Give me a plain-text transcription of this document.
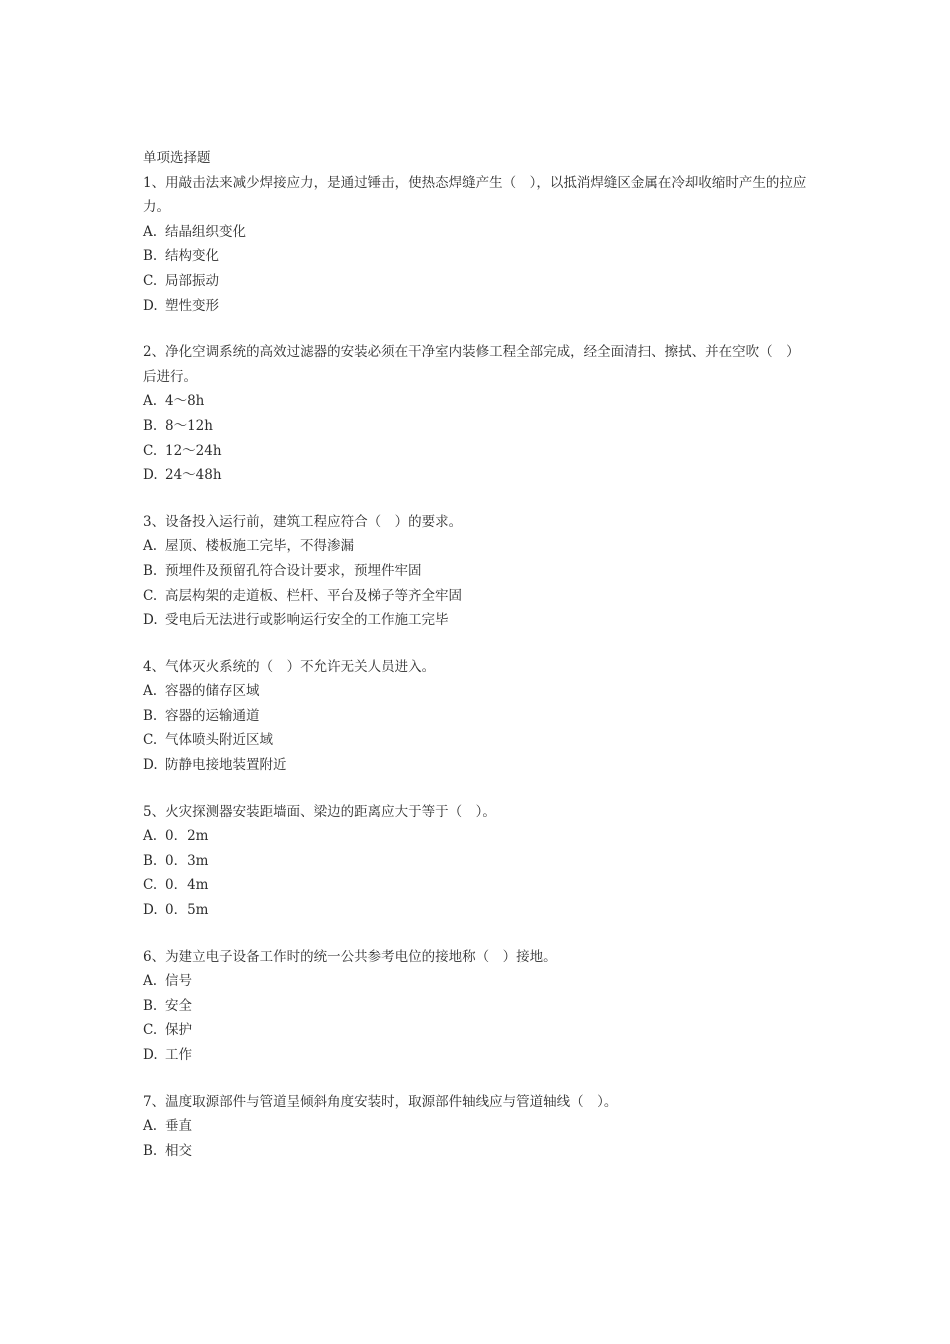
单项选择题

1、用敲击法来减少焊接应力，是通过锤击，使热态焊缝产生（　），以抵消焊缝区金属在冷却收缩时产生的拉应力。

A. 结晶组织变化
B. 结构变化
C. 局部振动
D. 塑性变形

2、净化空调系统的高效过滤器的安装必须在干净室内装修工程全部完成，经全面清扫、擦拭、并在空吹（　）后进行。

A. 4～8h
B. 8～12h
C. 12～24h
D. 24～48h

3、设备投入运行前，建筑工程应符合（　）的要求。

A. 屋顶、楼板施工完毕，不得渗漏
B. 预埋件及预留孔符合设计要求，预埋件牢固
C. 高层构架的走道板、栏杆、平台及梯子等齐全牢固
D. 受电后无法进行或影响运行安全的工作施工完毕

4、气体灭火系统的（　）不允许无关人员进入。

A. 容器的储存区域
B. 容器的运输通道
C. 气体喷头附近区域
D. 防静电接地装置附近

5、火灾探测器安装距墙面、梁边的距离应大于等于（　）。

A. 0．2m
B. 0．3m
C. 0．4m
D. 0．5m

6、为建立电子设备工作时的统一公共参考电位的接地称（　）接地。

A. 信号
B. 安全
C. 保护
D. 工作

7、温度取源部件与管道呈倾斜角度安装时，取源部件轴线应与管道轴线（　）。

A. 垂直
B. 相交
